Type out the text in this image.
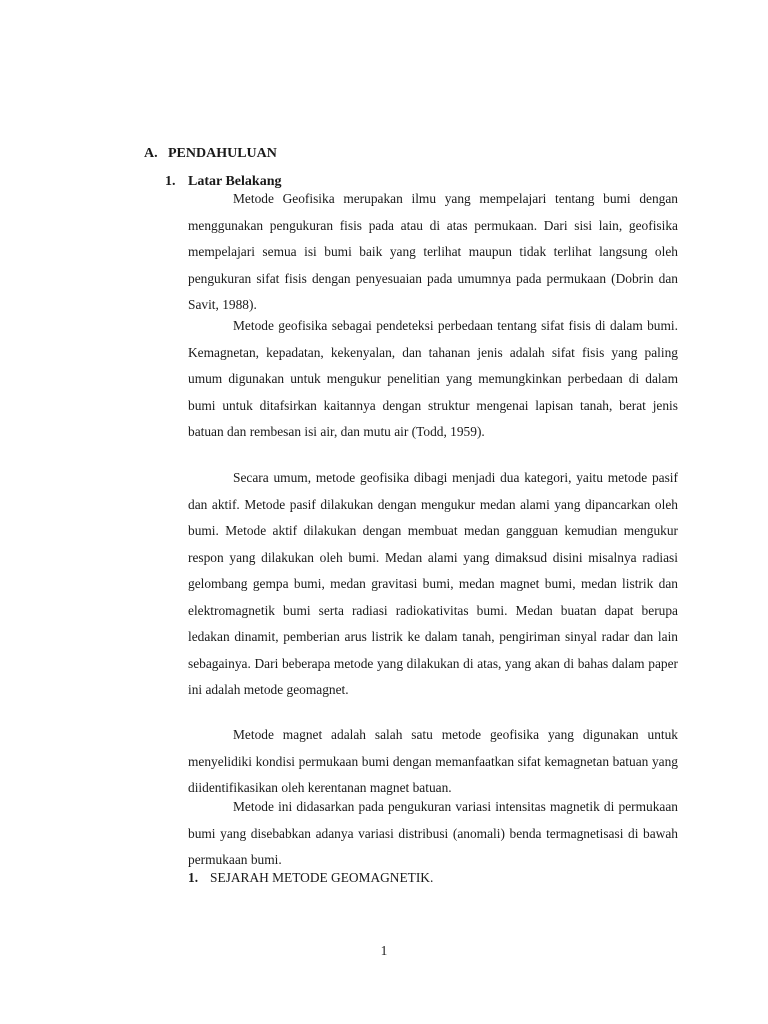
A. PENDAHULUAN
1. Latar Belakang

Metode Geofisika merupakan ilmu yang mempelajari tentang bumi dengan menggunakan pengukuran fisis pada atau di atas permukaan. Dari sisi lain, geofisika mempelajari semua isi bumi baik yang terlihat maupun tidak terlihat langsung oleh pengukuran sifat fisis dengan penyesuaian pada umumnya pada permukaan (Dobrin dan Savit, 1988).

Metode geofisika sebagai pendeteksi perbedaan tentang sifat fisis di dalam bumi. Kemagnetan, kepadatan, kekenyalan, dan tahanan jenis adalah sifat fisis yang paling umum digunakan untuk mengukur penelitian yang memungkinkan perbedaan di dalam bumi untuk ditafsirkan kaitannya dengan struktur mengenai lapisan tanah, berat jenis batuan dan rembesan isi air, dan mutu air (Todd, 1959).

Secara umum, metode geofisika dibagi menjadi dua kategori, yaitu metode pasif dan aktif. Metode pasif dilakukan dengan mengukur medan alami yang dipancarkan oleh bumi. Metode aktif dilakukan dengan membuat medan gangguan kemudian mengukur respon yang dilakukan oleh bumi. Medan alami yang dimaksud disini misalnya radiasi gelombang gempa bumi, medan gravitasi bumi, medan magnet bumi, medan listrik dan elektromagnetik bumi serta radiasi radiokativitas bumi. Medan buatan dapat berupa ledakan dinamit, pemberian arus listrik ke dalam tanah, pengiriman sinyal radar dan lain sebagainya. Dari beberapa metode yang dilakukan di atas, yang akan di bahas dalam paper ini adalah metode geomagnet.

Metode magnet adalah salah satu metode geofisika yang digunakan untuk menyelidiki kondisi permukaan bumi dengan memanfaatkan sifat kemagnetan batuan yang diidentifikasikan oleh kerentanan magnet batuan.

Metode ini didasarkan pada pengukuran variasi intensitas magnetik di permukaan bumi yang disebabkan adanya variasi distribusi (anomali) benda termagnetisasi di bawah permukaan bumi.

1. SEJARAH METODE GEOMAGNETIK.
1
